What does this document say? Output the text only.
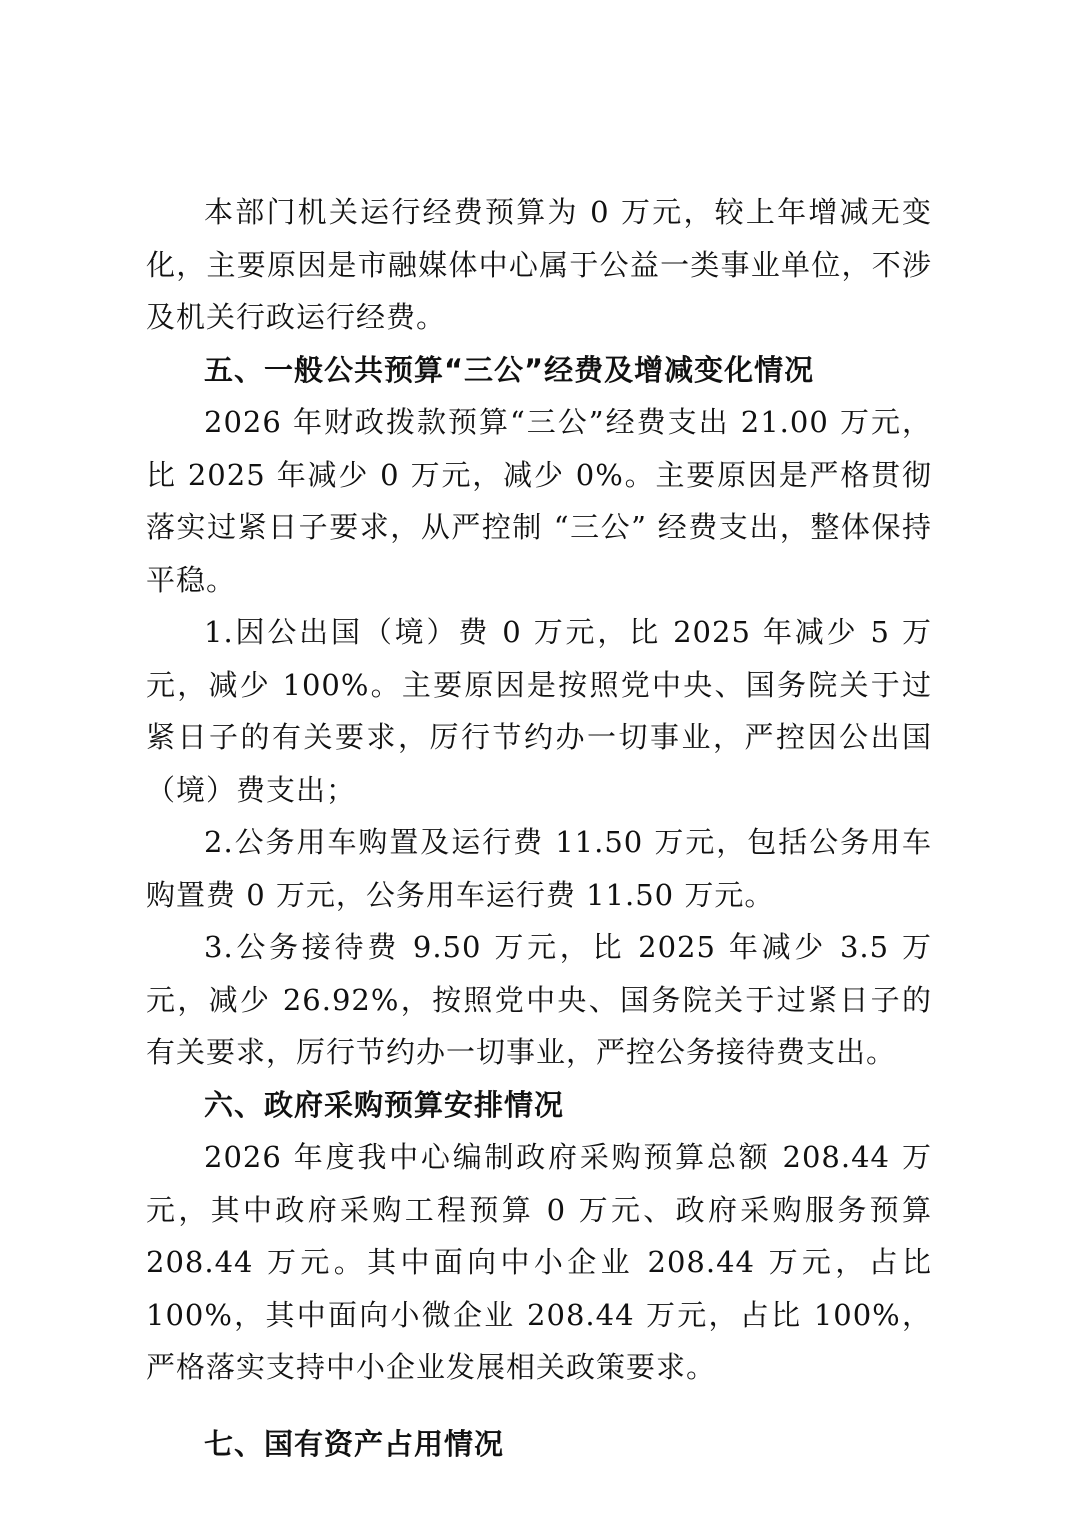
本部门机关运行经费预算为 0 万元，较上年增减无变化，主要原因是市融媒体中心属于公益一类事业单位，不涉及机关行政运行经费。

五、一般公共预算“三公”经费及增减变化情况

2026 年财政拨款预算“三公”经费支出 21.00 万元，比 2025 年减少 0 万元，减少 0%。主要原因是严格贯彻落实过紧日子要求，从严控制 “三公” 经费支出，整体保持平稳。

1.因公出国（境）费 0 万元，比 2025 年减少 5 万元，减少 100%。主要原因是按照党中央、国务院关于过紧日子的有关要求，厉行节约办一切事业，严控因公出国（境）费支出；

2.公务用车购置及运行费 11.50 万元，包括公务用车购置费 0 万元，公务用车运行费 11.50 万元。

3.公务接待费 9.50 万元，比 2025 年减少 3.5 万元，减少 26.92%，按照党中央、国务院关于过紧日子的有关要求，厉行节约办一切事业，严控公务接待费支出。

六、政府采购预算安排情况

2026 年度我中心编制政府采购预算总额 208.44 万元，其中政府采购工程预算 0 万元、政府采购服务预算 208.44 万元。其中面向中小企业 208.44 万元，占比 100%，其中面向小微企业 208.44 万元，占比 100%，严格落实支持中小企业发展相关政策要求。

七、国有资产占用情况
